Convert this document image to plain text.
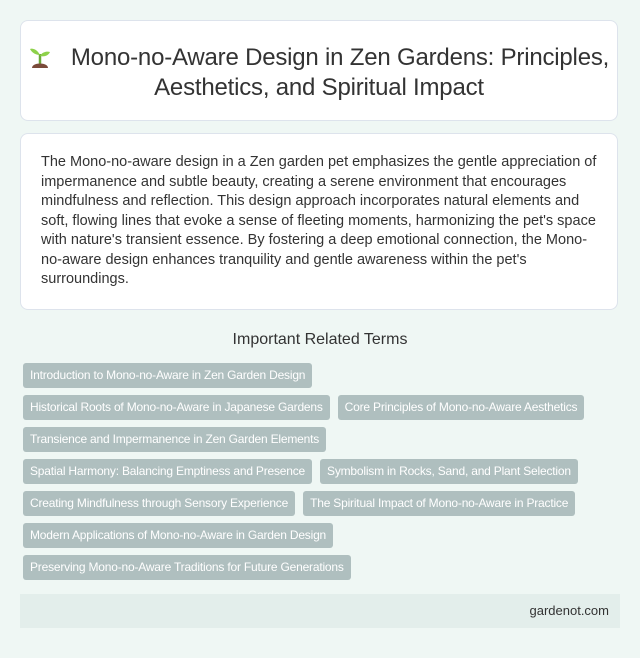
Mono-no-Aware Design in Zen Gardens: Principles, Aesthetics, and Spiritual Impact

The Mono-no-aware design in a Zen garden pet emphasizes the gentle appreciation of impermanence and subtle beauty, creating a serene environment that encourages mindfulness and reflection. This design approach incorporates natural elements and soft, flowing lines that evoke a sense of fleeting moments, harmonizing the pet's space with nature's transient essence. By fostering a deep emotional connection, the Mono-no-aware design enhances tranquility and gentle awareness within the pet's surroundings.

Important Related Terms
Introduction to Mono-no-Aware in Zen Garden Design
Historical Roots of Mono-no-Aware in Japanese Gardens	Core Principles of Mono-no-Aware Aesthetics
Transience and Impermanence in Zen Garden Elements
Spatial Harmony: Balancing Emptiness and Presence	Symbolism in Rocks, Sand, and Plant Selection
Creating Mindfulness through Sensory Experience	The Spiritual Impact of Mono-no-Aware in Practice
Modern Applications of Mono-no-Aware in Garden Design
Preserving Mono-no-Aware Traditions for Future Generations
gardenot.com
